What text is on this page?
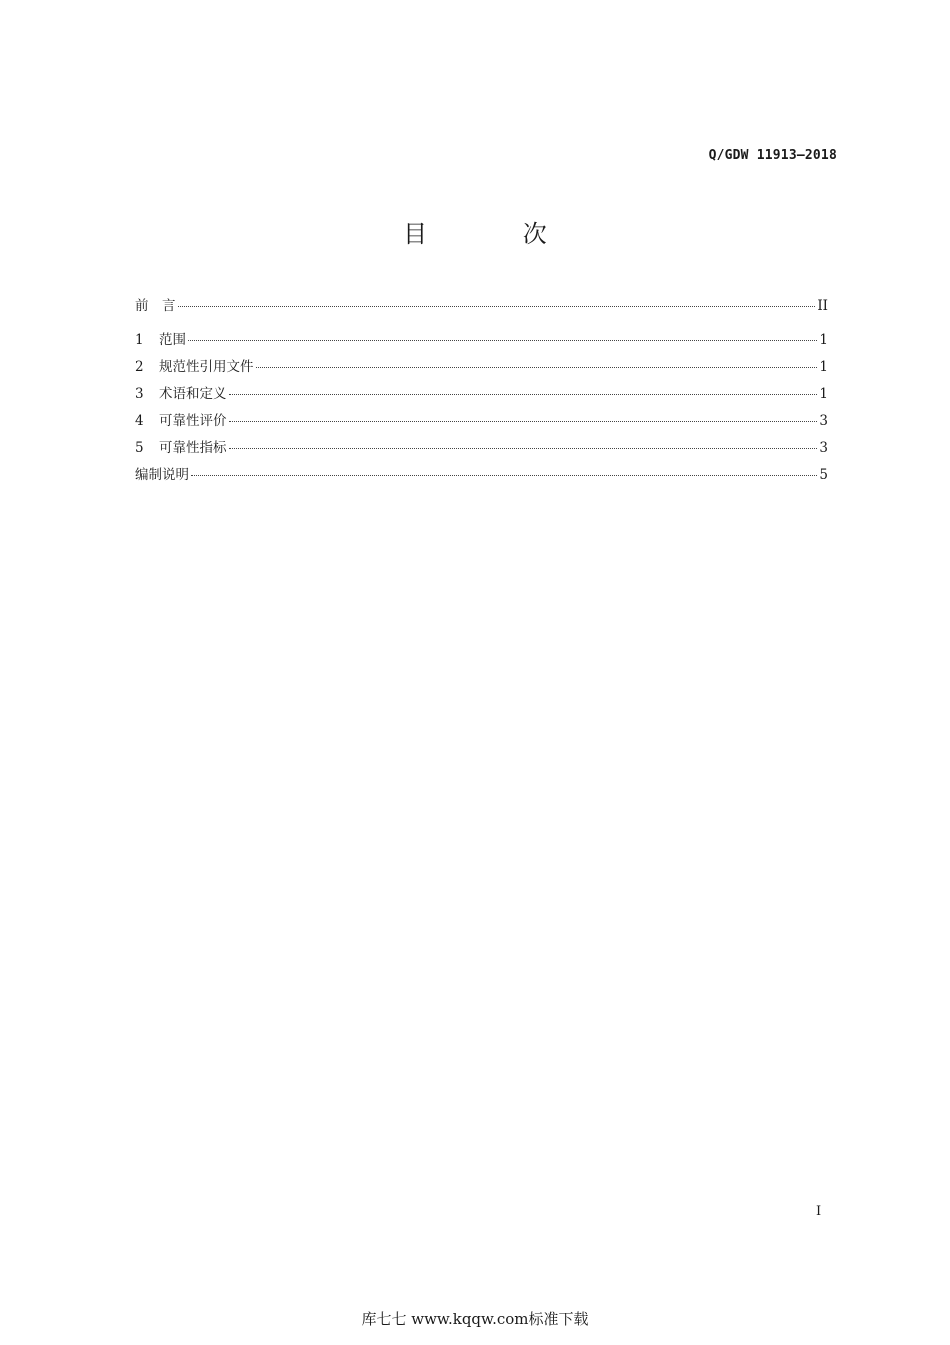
Q/GDW 11913—2018
目 次
前　言	II
1	范围	1
2	规范性引用文件	1
3	术语和定义	1
4	可靠性评价	3
5	可靠性指标	3
编制说明	5
I
库七七 www.kqqw.com标准下载
